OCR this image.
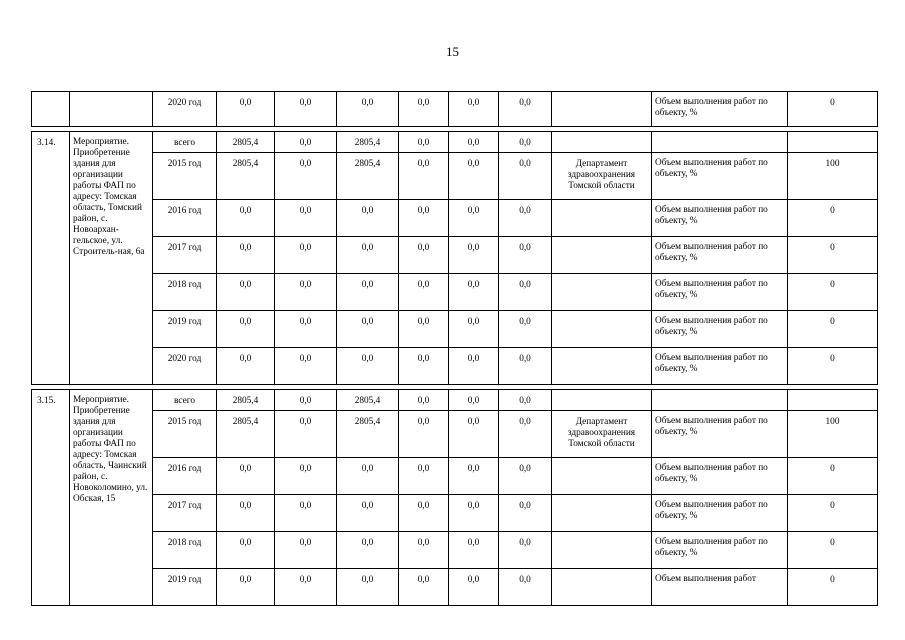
15

		2020 год	0,0	0,0	0,0	0,0	0,0	0,0		Объем выполнения работ по объекту, %	0

3.14.	Мероприятие. Приобретение здания для организации работы ФАП по адресу: Томская область, Томский район, с. Новоархан-гельское, ул. Строитель-ная, 6а	всего	2805,4	0,0	2805,4	0,0	0,0	0,0			

		2015 год	2805,4	0,0	2805,4	0,0	0,0	0,0	Департамент здравоохранения Томской области	Объем выполнения работ по объекту, %	100

		2016 год	0,0	0,0	0,0	0,0	0,0	0,0		Объем выполнения работ по объекту, %	0

		2017 год	0,0	0,0	0,0	0,0	0,0	0,0		Объем выполнения работ по объекту, %	0

		2018 год	0,0	0,0	0,0	0,0	0,0	0,0		Объем выполнения работ по объекту, %	0

		2019 год	0,0	0,0	0,0	0,0	0,0	0,0		Объем выполнения работ по объекту, %	0

		2020 год	0,0	0,0	0,0	0,0	0,0	0,0		Объем выполнения работ по объекту, %	0

3.15.	Мероприятие. Приобретение здания для организации работы ФАП по адресу: Томская область, Чаинский район, с. Новоколомино, ул. Обская, 15	всего	2805,4	0,0	2805,4	0,0	0,0	0,0			

		2015 год	2805,4	0,0	2805,4	0,0	0,0	0,0	Департамент здравоохранения Томской области	Объем выполнения работ по объекту, %	100

		2016 год	0,0	0,0	0,0	0,0	0,0	0,0		Объем выполнения работ по объекту, %	0

		2017 год	0,0	0,0	0,0	0,0	0,0	0,0		Объем выполнения работ по объекту, %	0

		2018 год	0,0	0,0	0,0	0,0	0,0	0,0		Объем выполнения работ по объекту, %	0

		2019 год	0,0	0,0	0,0	0,0	0,0	0,0		Объем выполнения работ	0
